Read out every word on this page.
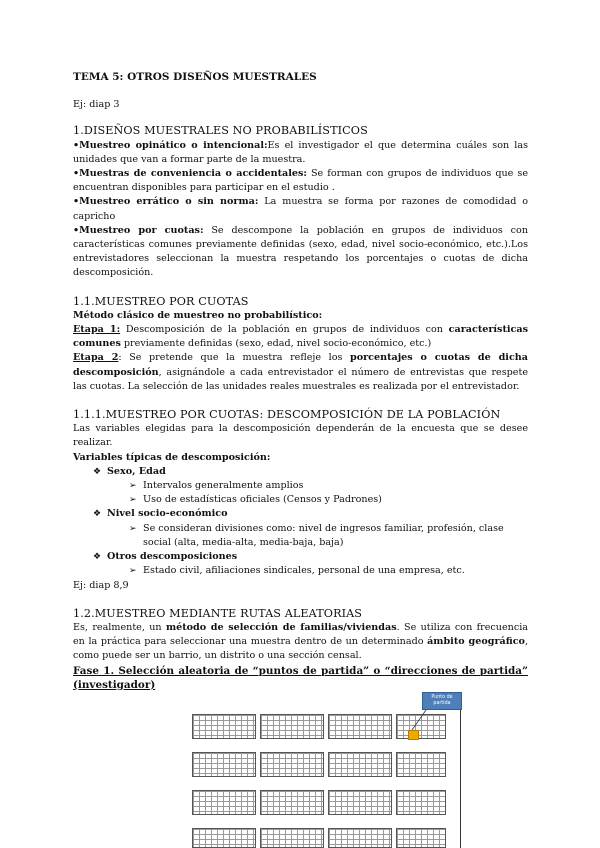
TEMA 5: OTROS DISEÑOS MUESTRALES

Ej: diap 3

1.DISEÑOS MUESTRALES NO PROBABILÍSTICOS

•Muestreo opinático o intencional:Es el investigador el que determina cuáles son las unidades que van a formar parte de la muestra.

•Muestras de conveniencia o accidentales: Se forman con grupos de individuos que se encuentran disponibles para participar en el estudio .

•Muestreo errático o sin norma: La muestra se forma por razones de comodidad o capricho

•Muestreo por cuotas: Se descompone la población en grupos de individuos con características comunes previamente definidas (sexo, edad, nivel socio-económico, etc.).Los entrevistadores seleccionan la muestra respetando los porcentajes o cuotas de dicha descomposición.

1.1.MUESTREO POR CUOTAS

Método clásico de muestreo no probabilístico:

Etapa 1: Descomposición de la población en grupos de individuos con características comunes previamente definidas (sexo, edad, nivel socio-económico, etc.)

Etapa 2: Se pretende que la muestra refleje los porcentajes o cuotas de dicha descomposición, asignándole a cada entrevistador el número de entrevistas que respete las cuotas. La selección de las unidades reales muestrales es realizada por el entrevistador.

1.1.1.MUESTREO POR CUOTAS: DESCOMPOSICIÓN DE LA POBLACIÓN

Las variables elegidas para la descomposición dependerán de la encuesta que se desee realizar.

Variables típicas de descomposición:

❖ Sexo, Edad
➢ Intervalos generalmente amplios
➢ Uso de estadísticas oficiales (Censos y Padrones)
❖ Nivel socio-económico
➢ Se consideran divisiones como: nivel de ingresos familiar, profesión, clase social (alta, media-alta, media-baja, baja)
❖ Otros descomposiciones
➢ Estado civil, afiliaciones sindicales, personal de una empresa, etc.

Ej: diap 8,9

1.2.MUESTREO MEDIANTE RUTAS ALEATORIAS

Es, realmente, un método de selección de familias/viviendas. Se utiliza con frecuencia en la práctica para seleccionar una muestra dentro de un determinado ámbito geográfico, como puede ser un barrio, un distrito o una sección censal.

Fase 1. Selección aleatoria de “puntos de partida” o “direcciones de partida” (investigador)

Punto de
partida
